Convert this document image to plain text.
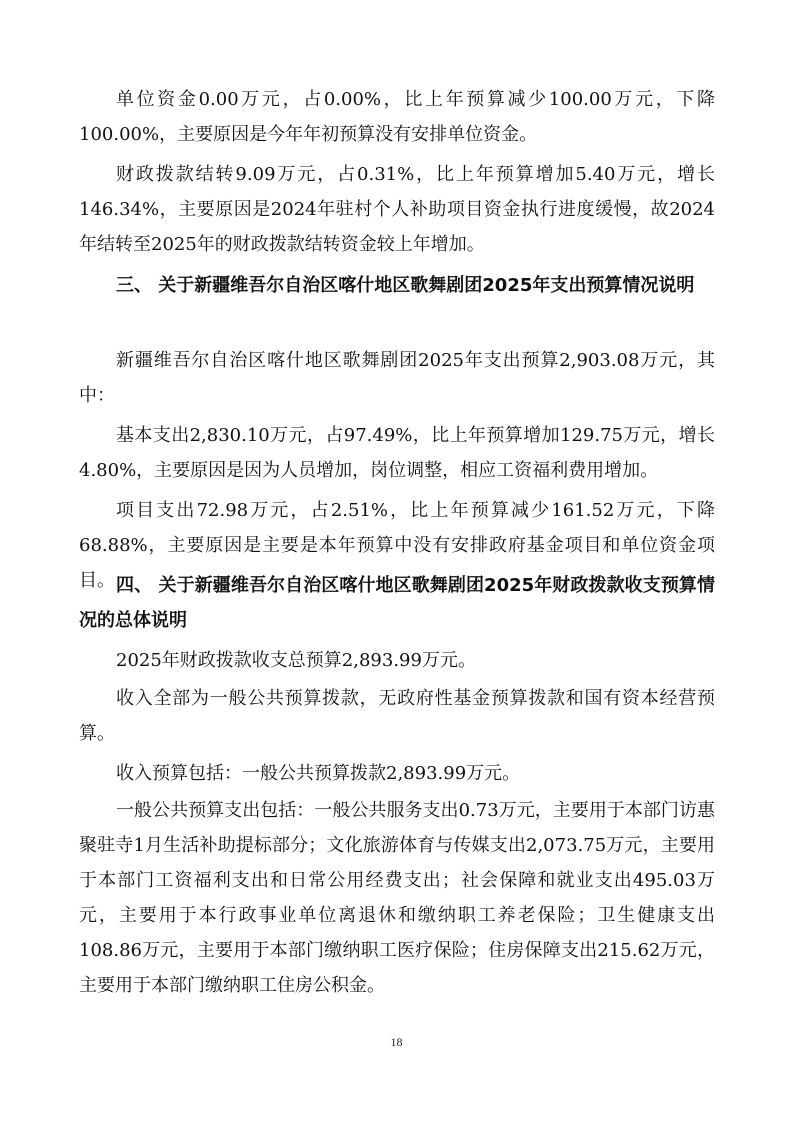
单位资金0.00万元，占0.00%，比上年预算减少100.00万元，下降100.00%，主要原因是今年年初预算没有安排单位资金。

财政拨款结转9.09万元，占0.31%，比上年预算增加5.40万元，增长146.34%，主要原因是2024年驻村个人补助项目资金执行进度缓慢，故2024年结转至2025年的财政拨款结转资金较上年增加。

三、 关于新疆维吾尔自治区喀什地区歌舞剧团2025年支出预算情况说明

新疆维吾尔自治区喀什地区歌舞剧团2025年支出预算2,903.08万元，其中：

基本支出2,830.10万元，占97.49%，比上年预算增加129.75万元，增长4.80%，主要原因是因为人员增加，岗位调整，相应工资福利费用增加。

项目支出72.98万元，占2.51%，比上年预算减少161.52万元，下降68.88%，主要原因是主要是本年预算中没有安排政府基金项目和单位资金项目。 四、 关于新疆维吾尔自治区喀什地区歌舞剧团2025年财政拨款收支预算情况的总体说明

2025年财政拨款收支总预算2,893.99万元。

收入全部为一般公共预算拨款，无政府性基金预算拨款和国有资本经营预算。

收入预算包括：一般公共预算拨款2,893.99万元。

一般公共预算支出包括：一般公共服务支出0.73万元，主要用于本部门访惠聚驻寺1月生活补助提标部分；文化旅游体育与传媒支出2,073.75万元，主要用于本部门工资福利支出和日常公用经费支出；社会保障和就业支出495.03万元，主要用于本行政事业单位离退休和缴纳职工养老保险；卫生健康支出108.86万元，主要用于本部门缴纳职工医疗保险；住房保障支出215.62万元，主要用于本部门缴纳职工住房公积金。

18
